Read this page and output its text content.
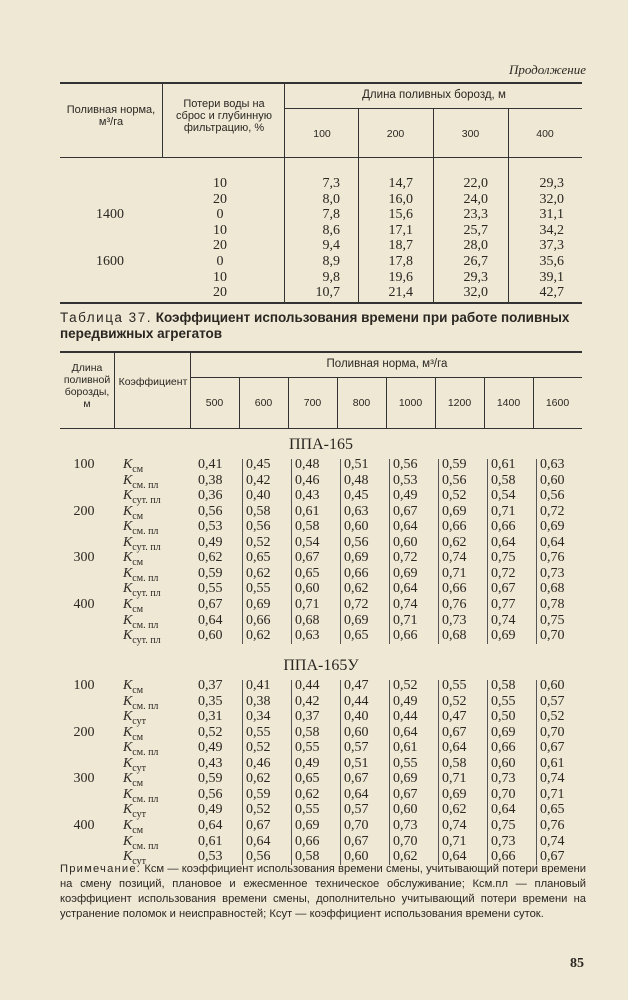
Продолжение
Поливная норма, м³/га
Потери воды на сброс и глубинную фильтрацию, %
Длина поливных борозд, м
100	200	300	400
10	7,3	14,7	22,0	29,3
20	8,0	16,0	24,0	32,0
1400	0	7,8	15,6	23,3	31,1
10	8,6	17,1	25,7	34,2
20	9,4	18,7	28,0	37,3
1600	0	8,9	17,8	26,7	35,6
10	9,8	19,6	29,3	39,1
20	10,7	21,4	32,0	42,7
Таблица 37. Коэффициент использования времени при работе поливных передвижных агрегатов
Длина поливной борозды, м
Коэффициент
Поливная норма, м³/га
500	600	700	800	1000	1200	1400	1600
ППА-165
100 $К_{см}$	0,41	0,45	0,48	0,51	0,56	0,59	0,61	0,63
$К_{см. пл}$	0,38	0,42	0,46	0,48	0,53	0,56	0,58	0,60
$К_{сут. пл}$	0,36	0,40	0,43	0,45	0,49	0,52	0,54	0,56
200 $К_{см}$	0,56	0,58	0,61	0,63	0,67	0,69	0,71	0,72
$К_{см. пл}$	0,53	0,56	0,58	0,60	0,64	0,66	0,66	0,69
$К_{сут. пл}$	0,49	0,52	0,54	0,56	0,60	0,62	0,64	0,64
300 $К_{см}$	0,62	0,65	0,67	0,69	0,72	0,74	0,75	0,76
$К_{см. пл}$	0,59	0,62	0,65	0,66	0,69	0,71	0,72	0,73
$К_{сут. пл}$	0,55	0,55	0,60	0,62	0,64	0,66	0,67	0,68
400 $К_{см}$	0,67	0,69	0,71	0,72	0,74	0,76	0,77	0,78
$К_{см. пл}$	0,64	0,66	0,68	0,69	0,71	0,73	0,74	0,75
$К_{сут. пл}$	0,60	0,62	0,63	0,65	0,66	0,68	0,69	0,70
ППА-165У
100 $К_{см}$	0,37	0,41	0,44	0,47	0,52	0,55	0,58	0,60
$К_{см. пл}$	0,35	0,38	0,42	0,44	0,49	0,52	0,55	0,57
$К_{сут}$	0,31	0,34	0,37	0,40	0,44	0,47	0,50	0,52
200 $К_{см}$	0,52	0,55	0,58	0,60	0,64	0,67	0,69	0,70
$К_{см. пл}$	0,49	0,52	0,55	0,57	0,61	0,64	0,66	0,67
$К_{сут}$	0,43	0,46	0,49	0,51	0,55	0,58	0,60	0,61
300 $К_{см}$	0,59	0,62	0,65	0,67	0,69	0,71	0,73	0,74
$К_{см. пл}$	0,56	0,59	0,62	0,64	0,67	0,69	0,70	0,71
$К_{сут}$	0,49	0,52	0,55	0,57	0,60	0,62	0,64	0,65
400 $К_{см}$	0,64	0,67	0,69	0,70	0,73	0,74	0,75	0,76
$К_{см. пл}$	0,61	0,64	0,66	0,67	0,70	0,71	0,73	0,74
$К_{сут}$	0,53	0,56	0,58	0,60	0,62	0,64	0,66	0,67
Примечание. Ксм — коэффициент использования времени смены, учитывающий потери времени на смену позиций, плановое и ежесменное техническое обслуживание; Ксм.пл — плановый коэффициент использования времени смены, дополнительно учитывающий потери времени на устранение поломок и неисправностей; Ксут — коэффициент использования времени суток.
85
